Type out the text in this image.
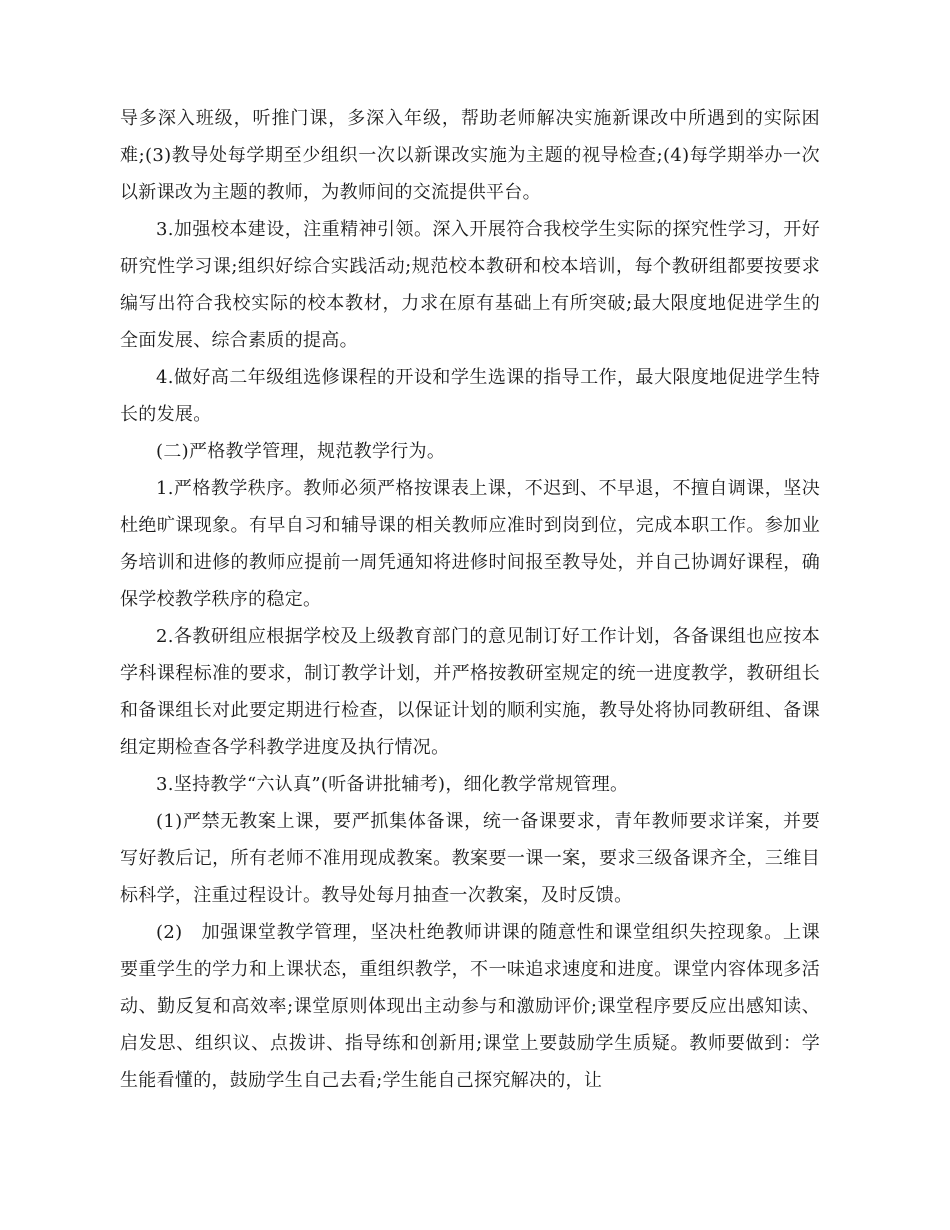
导多深入班级，听推门课，多深入年级，帮助老师解决实施新课改中所遇到的实际困难;(3)教导处每学期至少组织一次以新课改实施为主题的视导检查;(4)每学期举办一次以新课改为主题的教师，为教师间的交流提供平台。

3.加强校本建设，注重精神引领。深入开展符合我校学生实际的探究性学习，开好研究性学习课;组织好综合实践活动;规范校本教研和校本培训，每个教研组都要按要求编写出符合我校实际的校本教材，力求在原有基础上有所突破;最大限度地促进学生的全面发展、综合素质的提高。

4.做好高二年级组选修课程的开设和学生选课的指导工作，最大限度地促进学生特长的发展。

(二)严格教学管理，规范教学行为。

1.严格教学秩序。教师必须严格按课表上课，不迟到、不早退，不擅自调课，坚决杜绝旷课现象。有早自习和辅导课的相关教师应准时到岗到位，完成本职工作。参加业务培训和进修的教师应提前一周凭通知将进修时间报至教导处，并自己协调好课程，确保学校教学秩序的稳定。

2.各教研组应根据学校及上级教育部门的意见制订好工作计划，各备课组也应按本学科课程标准的要求，制订教学计划，并严格按教研室规定的统一进度教学，教研组长和备课组长对此要定期进行检查，以保证计划的顺利实施，教导处将协同教研组、备课组定期检查各学科教学进度及执行情况。

3.坚持教学“六认真”(听备讲批辅考)，细化教学常规管理。

(1)严禁无教案上课，要严抓集体备课，统一备课要求，青年教师要求详案，并要写好教后记，所有老师不准用现成教案。教案要一课一案，要求三级备课齐全，三维目标科学，注重过程设计。教导处每月抽查一次教案，及时反馈。

(2)　加强课堂教学管理，坚决杜绝教师讲课的随意性和课堂组织失控现象。上课要重学生的学力和上课状态，重组织教学，不一味追求速度和进度。课堂内容体现多活动、勤反复和高效率;课堂原则体现出主动参与和激励评价;课堂程序要反应出感知读、启发思、组织议、点拨讲、指导练和创新用;课堂上要鼓励学生质疑。教师要做到：学生能看懂的，鼓励学生自己去看;学生能自己探究解决的，让
